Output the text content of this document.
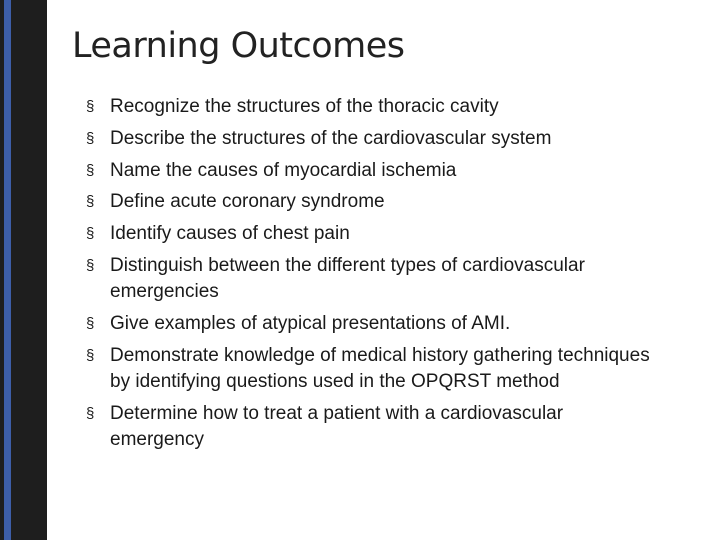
Learning Outcomes
§ Recognize the structures of the thoracic cavity
§ Describe the structures of the cardiovascular system
§ Name the causes of myocardial ischemia
§ Define acute coronary syndrome
§ Identify causes of chest pain
§ Distinguish between the different types of cardiovascular emergencies
§ Give examples of atypical presentations of AMI.
§ Demonstrate knowledge of medical history gathering techniques by identifying questions used in the OPQRST method
§ Determine how to treat a patient with a cardiovascular emergency
